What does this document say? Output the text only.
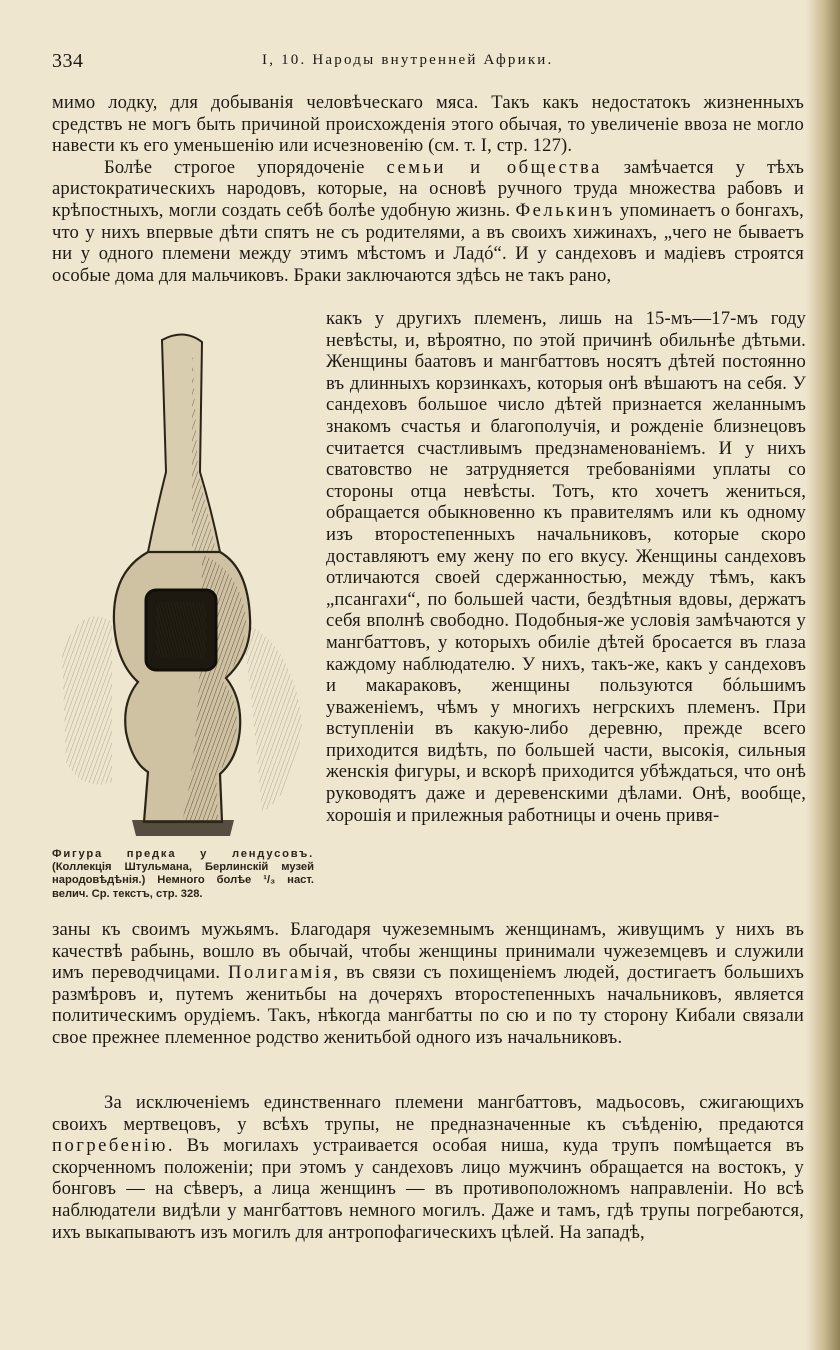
334	I, 10. Народы внутренней Африки.

мимо лодку, для добыванія человѣческаго мяса. Такъ какъ недостатокъ жизненныхъ средствъ не могъ быть причиной происхожденія этого обычая, то увеличеніе ввоза не могло навести къ его уменьшенію или исчезновенію (см. т. I, стр. 127).

Болѣе строгое упорядоченіе семьи и общества замѣчается у тѣхъ аристократическихъ народовъ, которые, на основѣ ручного труда множества рабовъ и крѣпостныхъ, могли создать себѣ болѣе удобную жизнь. Фелькинъ упоминаетъ о бонгахъ, что у нихъ впервые дѣти спятъ не съ родителями, а въ своихъ хижинахъ, „чего не бываетъ ни у одного племени между этимъ мѣстомъ и Ладó“. И у сандеховъ и мадіевъ строятся особые дома для мальчиковъ. Браки заключаются здѣсь не такъ рано,

Фигура предка у лендусовъ. (Коллекція Штульмана, Берлинскій музей народовѣдѣнія.) Немного болѣе ¹/₃ наст. велич. Ср. текстъ, стр. 328.

какъ у другихъ племенъ, лишь на 15-мъ—17-мъ году невѣсты, и, вѣроятно, по этой причинѣ обильнѣе дѣтьми. Женщины баатовъ и мангбаттовъ носятъ дѣтей постоянно въ длинныхъ корзинкахъ, которыя онѣ вѣшаютъ на себя. У сандеховъ большое число дѣтей признается желаннымъ знакомъ счастья и благополучія, и рожденіе близнецовъ считается счастливымъ предзнаменованіемъ. И у нихъ сватовство не затрудняется требованіями уплаты со стороны отца невѣсты. Тотъ, кто хочетъ жениться, обращается обыкновенно къ правителямъ или къ одному изъ второстепенныхъ начальниковъ, которые скоро доставляютъ ему жену по его вкусу. Женщины сандеховъ отличаются своей сдержанностью, между тѣмъ, какъ „псангахи“, по большей части, бездѣтныя вдовы, держатъ себя вполнѣ свободно. Подобныя-же условія замѣчаются у мангбаттовъ, у которыхъ обиліе дѣтей бросается въ глаза каждому наблюдателю. У нихъ, такъ-же, какъ у сандеховъ и макараковъ, женщины пользуются бóльшимъ уваженіемъ, чѣмъ у многихъ негрскихъ племенъ. При вступленіи въ какую-либо деревню, прежде всего приходится видѣть, по большей части, высокія, сильныя женскія фигуры, и вскорѣ приходится убѣждаться, что онѣ руководятъ даже и деревенскими дѣлами. Онѣ, вообще, хорошія и прилежныя работницы и очень привя-

заны къ своимъ мужьямъ. Благодаря чужеземнымъ женщинамъ, живущимъ у нихъ въ качествѣ рабынь, вошло въ обычай, чтобы женщины принимали чужеземцевъ и служили имъ переводчицами. Полигамія, въ связи съ похищеніемъ людей, достигаетъ большихъ размѣровъ и, путемъ женитьбы на дочеряхъ второстепенныхъ начальниковъ, является политическимъ орудіемъ. Такъ, нѣкогда мангбатты по сю и по ту сторону Кибали связали свое прежнее племенное родство женитьбой одного изъ начальниковъ.

За исключеніемъ единственнаго племени мангбаттовъ, мадьосовъ, сжигающихъ своихъ мертвецовъ, у всѣхъ трупы, не предназначенные къ съѣденію, предаются погребенію. Въ могилахъ устраивается особая ниша, куда трупъ помѣщается въ скорченномъ положеніи; при этомъ у сандеховъ лицо мужчинъ обращается на востокъ, у бонговъ — на сѣверъ, а лица женщинъ — въ противоположномъ направленіи. Но всѣ наблюдатели видѣли у мангбаттовъ немного могилъ. Даже и тамъ, гдѣ трупы погребаются, ихъ выкапываютъ изъ могилъ для антропофагическихъ цѣлей. На западѣ,
